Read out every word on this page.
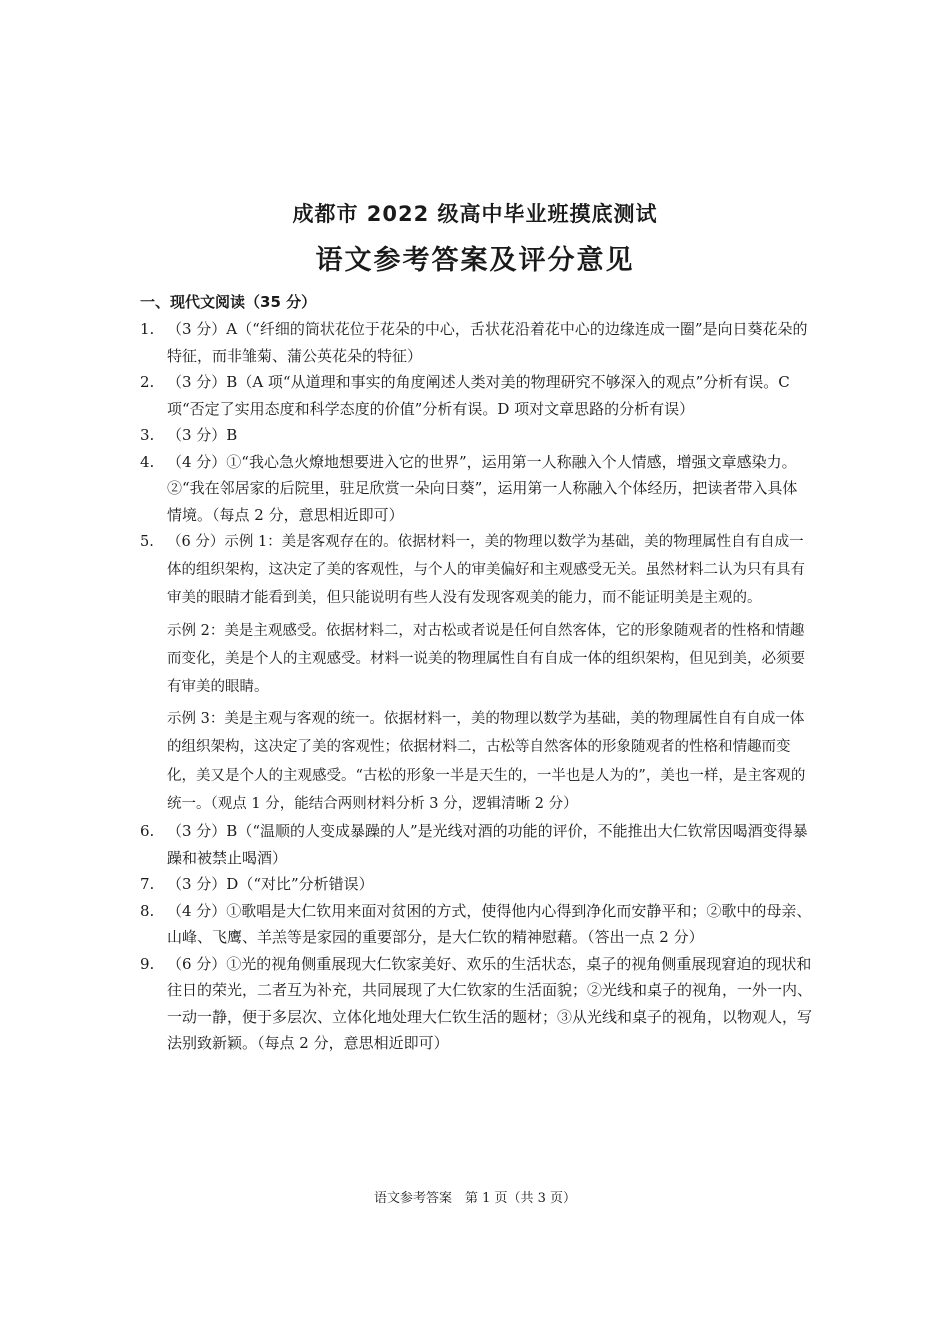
成都市 2022 级高中毕业班摸底测试
语文参考答案及评分意见
一、现代文阅读（35 分）
1. （3 分）A（“纤细的筒状花位于花朵的中心，舌状花沿着花中心的边缘连成一圈”是向日葵花朵的特征，而非雏菊、蒲公英花朵的特征）

2. （3 分）B（A 项“从道理和事实的角度阐述人类对美的物理研究不够深入的观点”分析有误。C 项“否定了实用态度和科学态度的价值”分析有误。D 项对文章思路的分析有误）

3. （3 分）B

4. （4 分）①“我心急火燎地想要进入它的世界”，运用第一人称融入个人情感，增强文章感染力。②“我在邻居家的后院里，驻足欣赏一朵向日葵”，运用第一人称融入个体经历，把读者带入具体情境。（每点 2 分，意思相近即可）

5. （6 分）示例 1：美是客观存在的。依据材料一，美的物理以数学为基础，美的物理属性自有自成一体的组织架构，这决定了美的客观性，与个人的审美偏好和主观感受无关。虽然材料二认为只有具有审美的眼睛才能看到美，但只能说明有些人没有发现客观美的能力，而不能证明美是主观的。

示例 2：美是主观感受。依据材料二，对古松或者说是任何自然客体，它的形象随观者的性格和情趣而变化，美是个人的主观感受。材料一说美的物理属性自有自成一体的组织架构，但见到美，必须要有审美的眼睛。

示例 3：美是主观与客观的统一。依据材料一，美的物理以数学为基础，美的物理属性自有自成一体的组织架构，这决定了美的客观性；依据材料二，古松等自然客体的形象随观者的性格和情趣而变化，美又是个人的主观感受。“古松的形象一半是天生的，一半也是人为的”，美也一样，是主客观的统一。（观点 1 分，能结合两则材料分析 3 分，逻辑清晰 2 分）

6. （3 分）B（“温顺的人变成暴躁的人”是光线对酒的功能的评价，不能推出大仁钦常因喝酒变得暴躁和被禁止喝酒）

7. （3 分）D（“对比”分析错误）

8. （4 分）①歌唱是大仁钦用来面对贫困的方式，使得他内心得到净化而安静平和；②歌中的母亲、山峰、飞鹰、羊羔等是家园的重要部分，是大仁钦的精神慰藉。（答出一点 2 分）

9. （6 分）①光的视角侧重展现大仁钦家美好、欢乐的生活状态，桌子的视角侧重展现窘迫的现状和往日的荣光，二者互为补充，共同展现了大仁钦家的生活面貌；②光线和桌子的视角，一外一内、一动一静，便于多层次、立体化地处理大仁钦生活的题材；③从光线和桌子的视角，以物观人，写法别致新颖。（每点 2 分，意思相近即可）

语文参考答案　第 1 页（共 3 页）
